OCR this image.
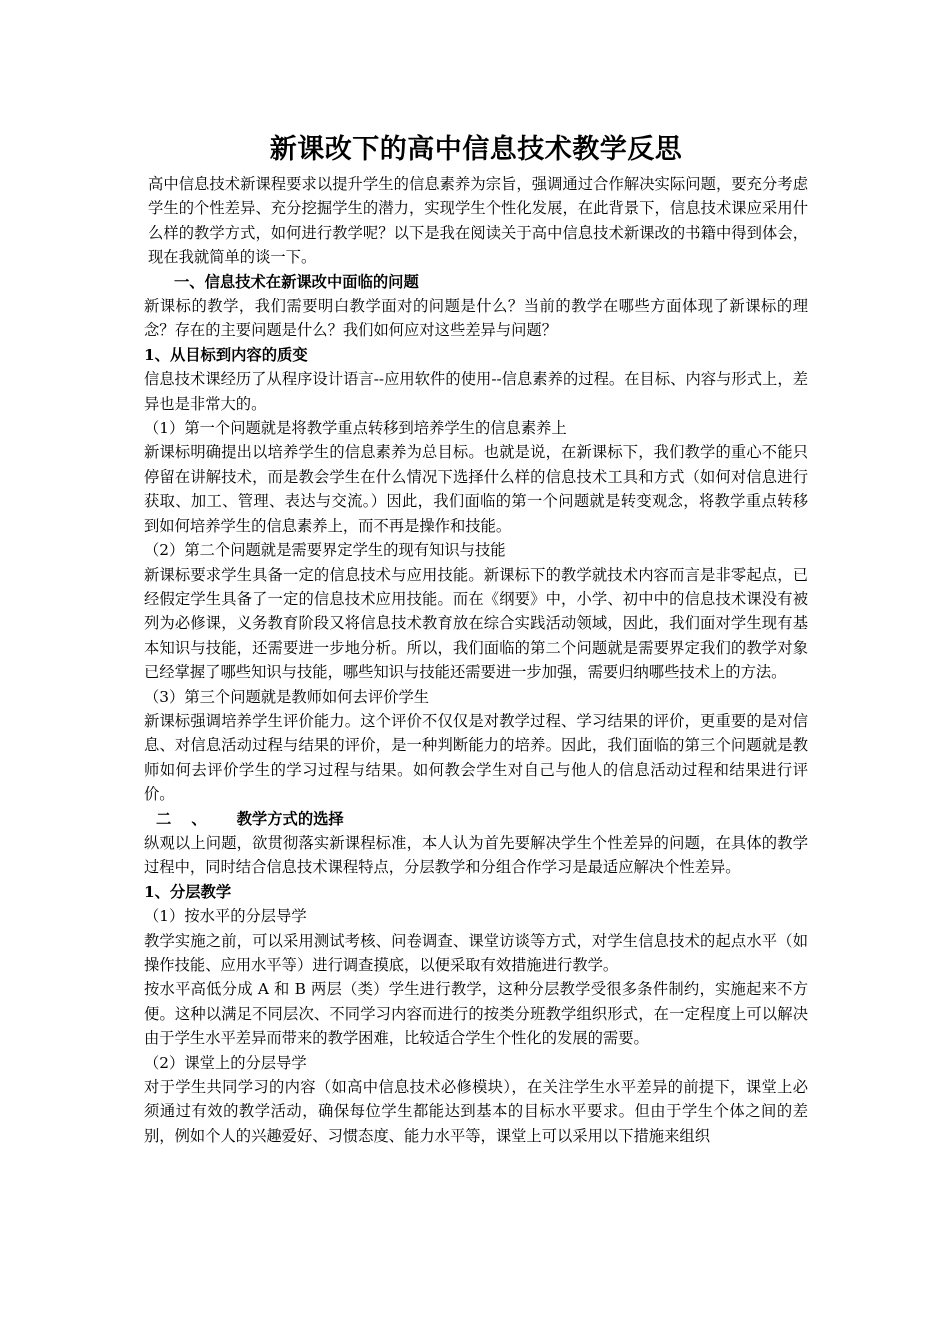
新课改下的高中信息技术教学反思

高中信息技术新课程要求以提升学生的信息素养为宗旨，强调通过合作解决实际问题，要充分考虑学生的个性差异、充分挖掘学生的潜力，实现学生个性化发展，在此背景下，信息技术课应采用什么样的教学方式，如何进行教学呢？以下是我在阅读关于高中信息技术新课改的书籍中得到体会，现在我就简单的谈一下。

一、信息技术在新课改中面临的问题

新课标的教学，我们需要明白教学面对的问题是什么？当前的教学在哪些方面体现了新课标的理念？存在的主要问题是什么？我们如何应对这些差异与问题？

1、从目标到内容的质变

信息技术课经历了从程序设计语言--应用软件的使用--信息素养的过程。在目标、内容与形式上，差异也是非常大的。

（1）第一个问题就是将教学重点转移到培养学生的信息素养上

新课标明确提出以培养学生的信息素养为总目标。也就是说，在新课标下，我们教学的重心不能只停留在讲解技术，而是教会学生在什么情况下选择什么样的信息技术工具和方式（如何对信息进行获取、加工、管理、表达与交流。）因此，我们面临的第一个问题就是转变观念，将教学重点转移到如何培养学生的信息素养上，而不再是操作和技能。

（2）第二个问题就是需要界定学生的现有知识与技能

新课标要求学生具备一定的信息技术与应用技能。新课标下的教学就技术内容而言是非零起点，已经假定学生具备了一定的信息技术应用技能。而在《纲要》中，小学、初中中的信息技术课没有被列为必修课，义务教育阶段又将信息技术教育放在综合实践活动领域，因此，我们面对学生现有基本知识与技能，还需要进一步地分析。所以，我们面临的第二个问题就是需要界定我们的教学对象已经掌握了哪些知识与技能，哪些知识与技能还需要进一步加强，需要归纳哪些技术上的方法。

（3）第三个问题就是教师如何去评价学生

新课标强调培养学生评价能力。这个评价不仅仅是对教学过程、学习结果的评价，更重要的是对信息、对信息活动过程与结果的评价，是一种判断能力的培养。因此，我们面临的第三个问题就是教师如何去评价学生的学习过程与结果。如何教会学生对自己与他人的信息活动过程和结果进行评价。

二 、 教学方式的选择

纵观以上问题，欲贯彻落实新课程标准，本人认为首先要解决学生个性差异的问题，在具体的教学过程中，同时结合信息技术课程特点，分层教学和分组合作学习是最适应解决个性差异。

1、分层教学

（1）按水平的分层导学

教学实施之前，可以采用测试考核、问卷调查、课堂访谈等方式，对学生信息技术的起点水平（如操作技能、应用水平等）进行调查摸底，以便采取有效措施进行教学。

按水平高低分成 A 和 B 两层（类）学生进行教学，这种分层教学受很多条件制约，实施起来不方便。这种以满足不同层次、不同学习内容而进行的按类分班教学组织形式，在一定程度上可以解决由于学生水平差异而带来的教学困难，比较适合学生个性化的发展的需要。

（2）课堂上的分层导学

对于学生共同学习的内容（如高中信息技术必修模块），在关注学生水平差异的前提下，课堂上必须通过有效的教学活动，确保每位学生都能达到基本的目标水平要求。但由于学生个体之间的差别，例如个人的兴趣爱好、习惯态度、能力水平等，课堂上可以采用以下措施来组织
